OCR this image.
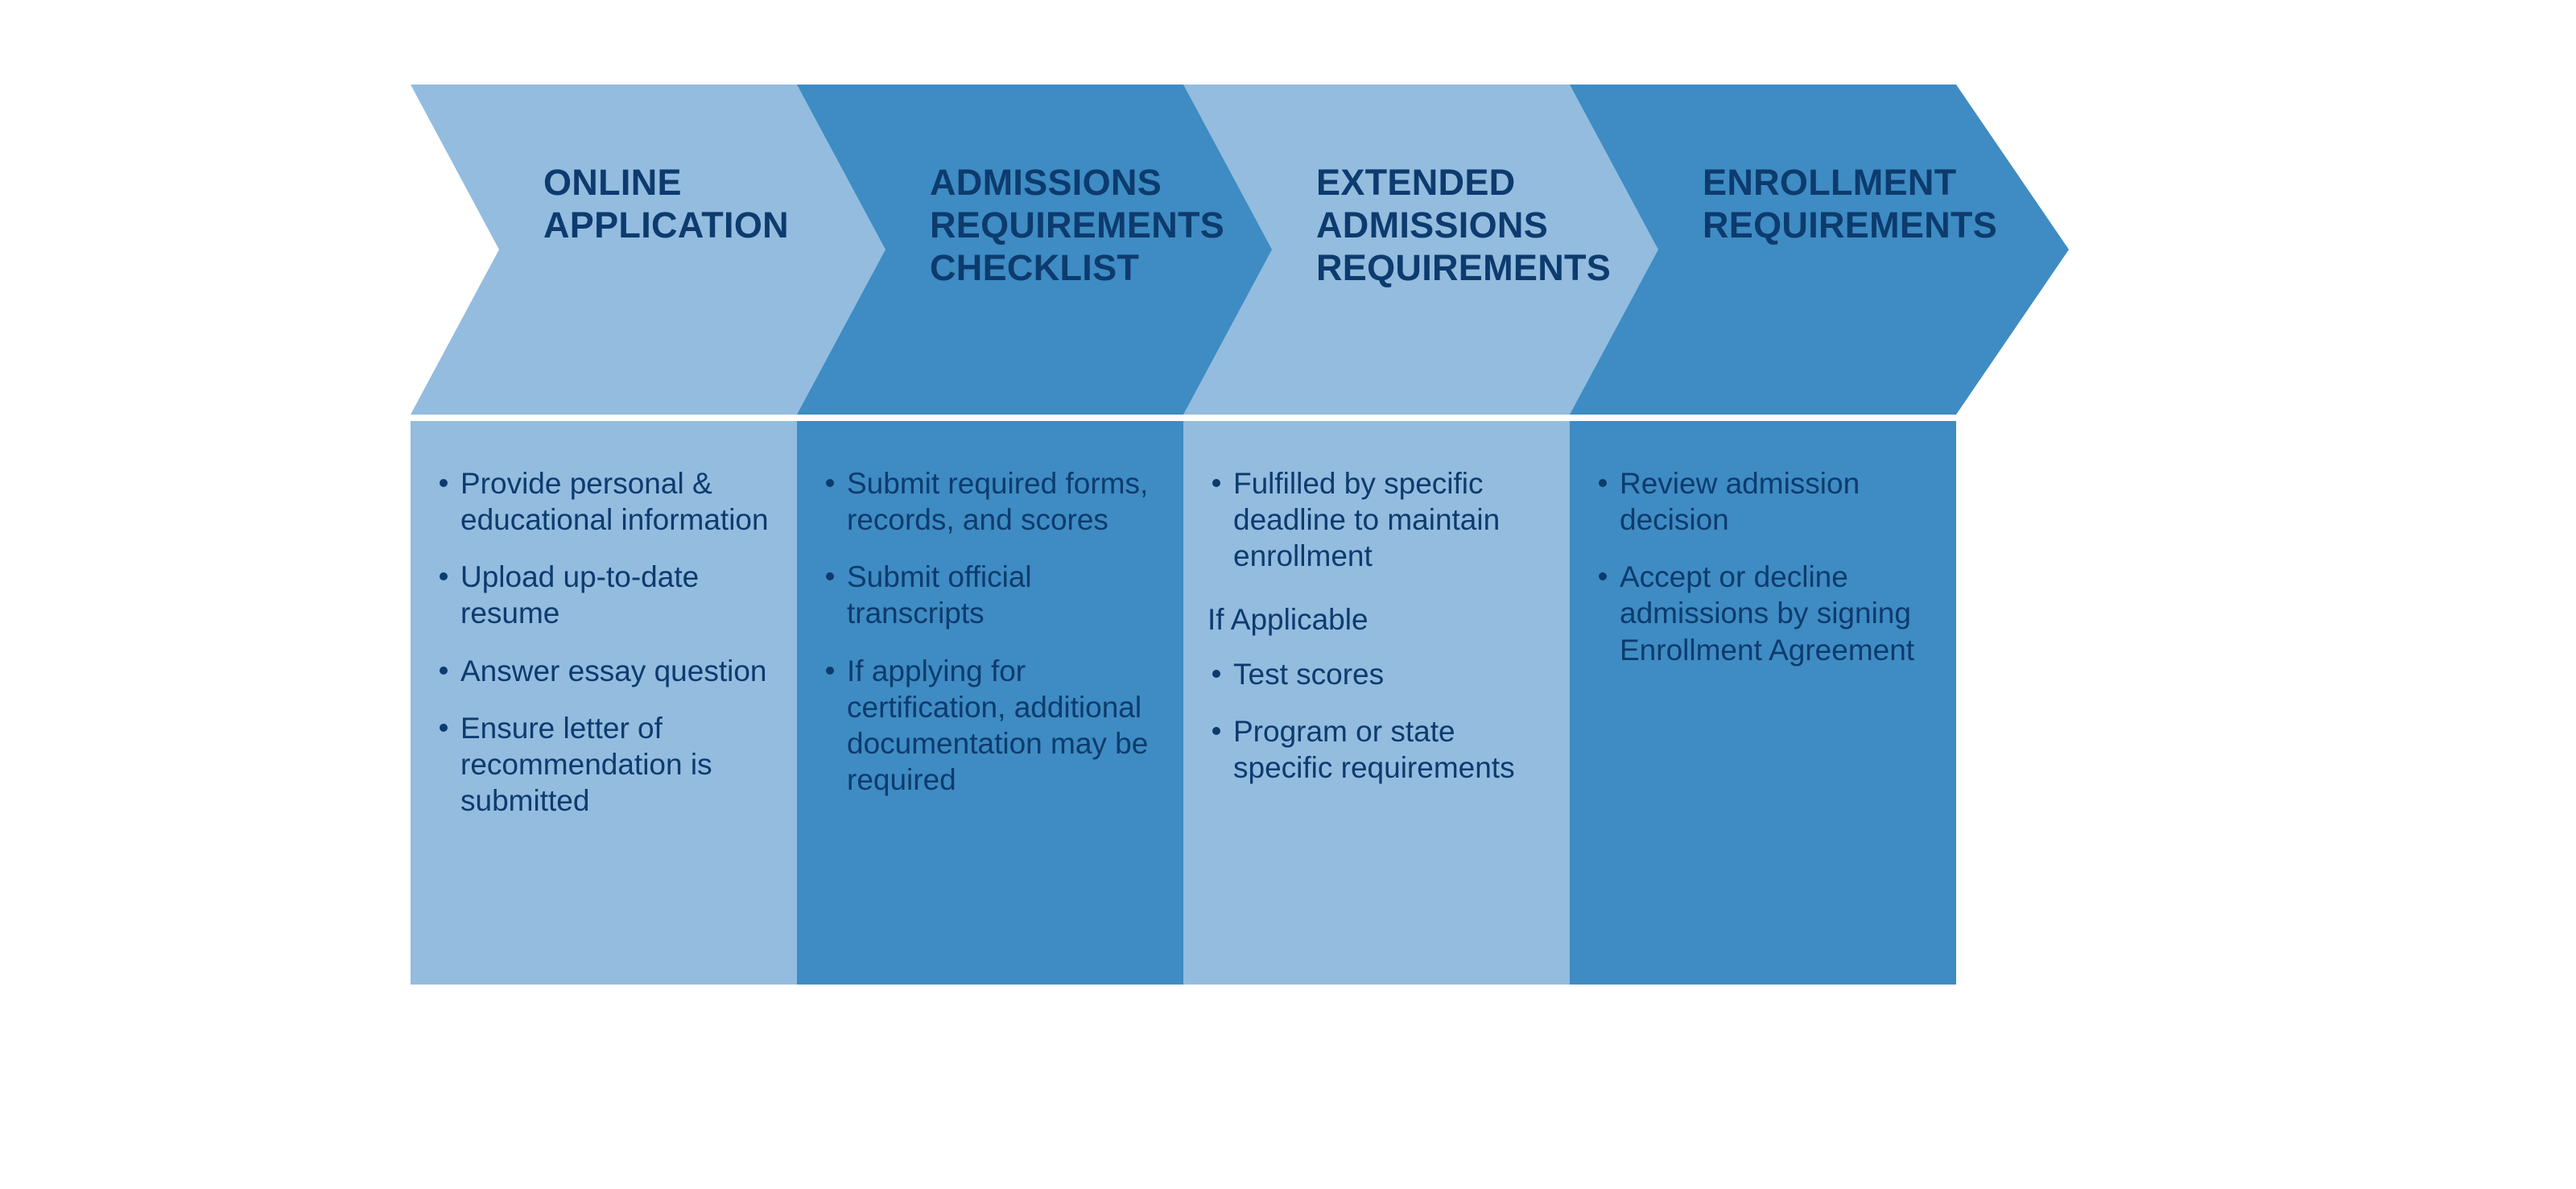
ONLINE APPLICATION
ADMISSIONS REQUIREMENTS CHECKLIST
EXTENDED ADMISSIONS REQUIREMENTS
ENROLLMENT REQUIREMENTS
Provide personal & educational information
Upload up-to-date resume
Answer essay question
Ensure letter of recommendation is submitted
Submit required forms, records, and scores
Submit official transcripts
If applying for certification, additional documentation may be required
Fulfilled by specific deadline to maintain enrollment
If Applicable
Test scores
Program or state specific requirements
Review admission decision
Accept or decline admissions by signing Enrollment Agreement
